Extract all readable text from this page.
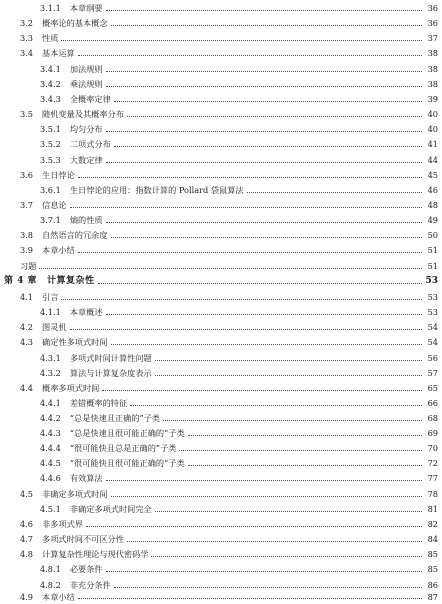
3.1.1 本章纲要	36
3.2 概率论的基本概念	36
3.3 性质	37
3.4 基本运算	38
3.4.1 加法规则	38
3.4.2 乘法规则	38
3.4.3 全概率定律	39
3.5 随机变量及其概率分布	40
3.5.1 均匀分布	40
3.5.2 二项式分布	41
3.5.3 大数定律	44
3.6 生日悖论	45
3.6.1 生日悖论的应用：指数计算的 Pollard 袋鼠算法	46
3.7 信息论	48
3.7.1 熵的性质	49
3.8 自然语言的冗余度	50
3.9 本章小结	51
习题	51
第 4 章 计算复杂性	53
4.1 引言	53
4.1.1 本章概述	53
4.2 图灵机	54
4.3 确定性多项式时间	54
4.3.1 多项式时间计算性问题	56
4.3.2 算法与计算复杂度表示	57
4.4 概率多项式时间	65
4.4.1 差错概率的特征	66
4.4.2 “总是快速且正确的”子类	68
4.4.3 “总是快速且很可能正确的”子类	69
4.4.4 “很可能快且总是正确的”子类	70
4.4.5 “很可能快且很可能正确的”子类	72
4.4.6 有效算法	77
4.5 非确定多项式时间	78
4.5.1 非确定多项式时间完全	81
4.6 非多项式界	82
4.7 多项式时间不可区分性	84
4.8 计算复杂性理论与现代密码学	85
4.8.1 必要条件	85
4.8.2 非充分条件	86
4.9 本章小结	87
